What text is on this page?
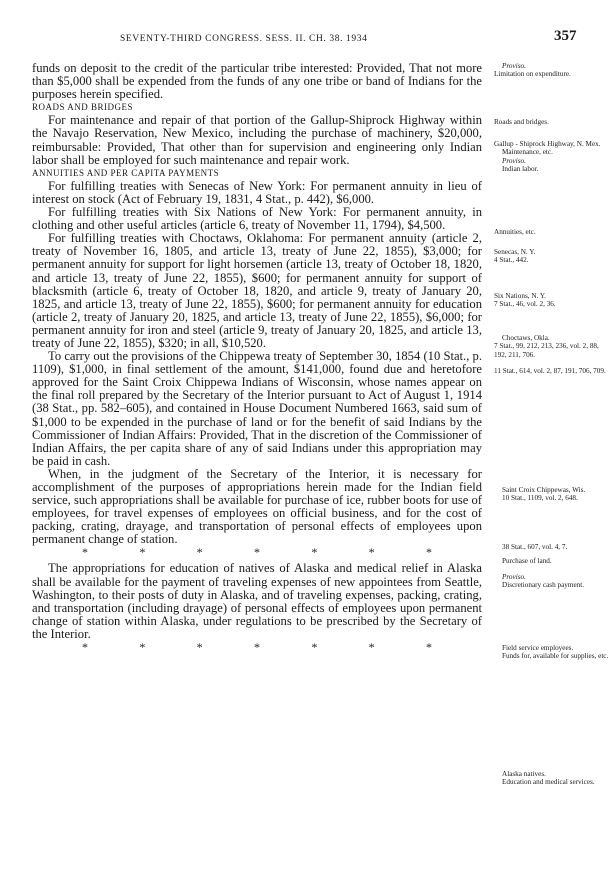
SEVENTY-THIRD CONGRESS. SESS. II. CH. 38. 1934	357

funds on deposit to the credit of the particular tribe interested: Provided, That not more than $5,000 shall be expended from the funds of any one tribe or band of Indians for the purposes herein specified.

ROADS AND BRIDGES

For maintenance and repair of that portion of the Gallup-Shiprock Highway within the Navajo Reservation, New Mexico, including the purchase of machinery, $20,000, reimbursable: Provided, That other than for supervision and engineering only Indian labor shall be employed for such maintenance and repair work.

ANNUITIES AND PER CAPITA PAYMENTS

For fulfilling treaties with Senecas of New York: For permanent annuity in lieu of interest on stock (Act of February 19, 1831, 4 Stat., p. 442), $6,000.

For fulfilling treaties with Six Nations of New York: For permanent annuity, in clothing and other useful articles (article 6, treaty of November 11, 1794), $4,500.

For fulfilling treaties with Choctaws, Oklahoma: For permanent annuity (article 2, treaty of November 16, 1805, and article 13, treaty of June 22, 1855), $3,000; for permanent annuity for support for light horsemen (article 13, treaty of October 18, 1820, and article 13, treaty of June 22, 1855), $600; for permanent annuity for support of blacksmith (article 6, treaty of October 18, 1820, and article 9, treaty of January 20, 1825, and article 13, treaty of June 22, 1855), $600; for permanent annuity for education (article 2, treaty of January 20, 1825, and article 13, treaty of June 22, 1855), $6,000; for permanent annuity for iron and steel (article 9, treaty of January 20, 1825, and article 13, treaty of June 22, 1855), $320; in all, $10,520.

To carry out the provisions of the Chippewa treaty of September 30, 1854 (10 Stat., p. 1109), $1,000, in final settlement of the amount, $141,000, found due and heretofore approved for the Saint Croix Chippewa Indians of Wisconsin, whose names appear on the final roll prepared by the Secretary of the Interior pursuant to Act of August 1, 1914 (38 Stat., pp. 582–605), and contained in House Document Numbered 1663, said sum of $1,000 to be expended in the purchase of land or for the benefit of said Indians by the Commissioner of Indian Affairs: Provided, That in the discretion of the Commissioner of Indian Affairs, the per capita share of any of said Indians under this appropriation may be paid in cash.

When, in the judgment of the Secretary of the Interior, it is necessary for accomplishment of the purposes of appropriations herein made for the Indian field service, such appropriations shall be available for purchase of ice, rubber boots for use of employees, for travel expenses of employees on official business, and for the cost of packing, crating, drayage, and transportation of personal effects of employees upon permanent change of station.

*	*	*	*	*	*	*

The appropriations for education of natives of Alaska and medical relief in Alaska shall be available for the payment of traveling expenses of new appointees from Seattle, Washington, to their posts of duty in Alaska, and of traveling expenses, packing, crating, and transportation (including drayage) of personal effects of employees upon permanent change of station within Alaska, under regulations to be prescribed by the Secretary of the Interior.

*	*	*	*	*	*	*
Proviso.
Limitation on expenditure.
Roads and bridges.
Gallup - Shiprock Highway, N. Mex.
Maintenance, etc.
Proviso.
Indian labor.
Annuities, etc.
Senecas, N. Y.
4 Stat., 442.
Six Nations, N. Y.
7 Stat., 46, vol. 2, 36.
Choctaws, Okla.
7 Stat., 99, 212, 213, 236, vol. 2, 88, 192, 211, 706.
11 Stat., 614, vol. 2, 87, 191, 706, 709.
Saint Croix Chippewas, Wis.
10 Stat., 1109, vol. 2, 648.
38 Stat., 607, vol. 4, 7.
Purchase of land.
Proviso.
Discretionary cash payment.
Field service employees.
Funds for, available for supplies, etc.
Alaska natives.
Education and medical services.
